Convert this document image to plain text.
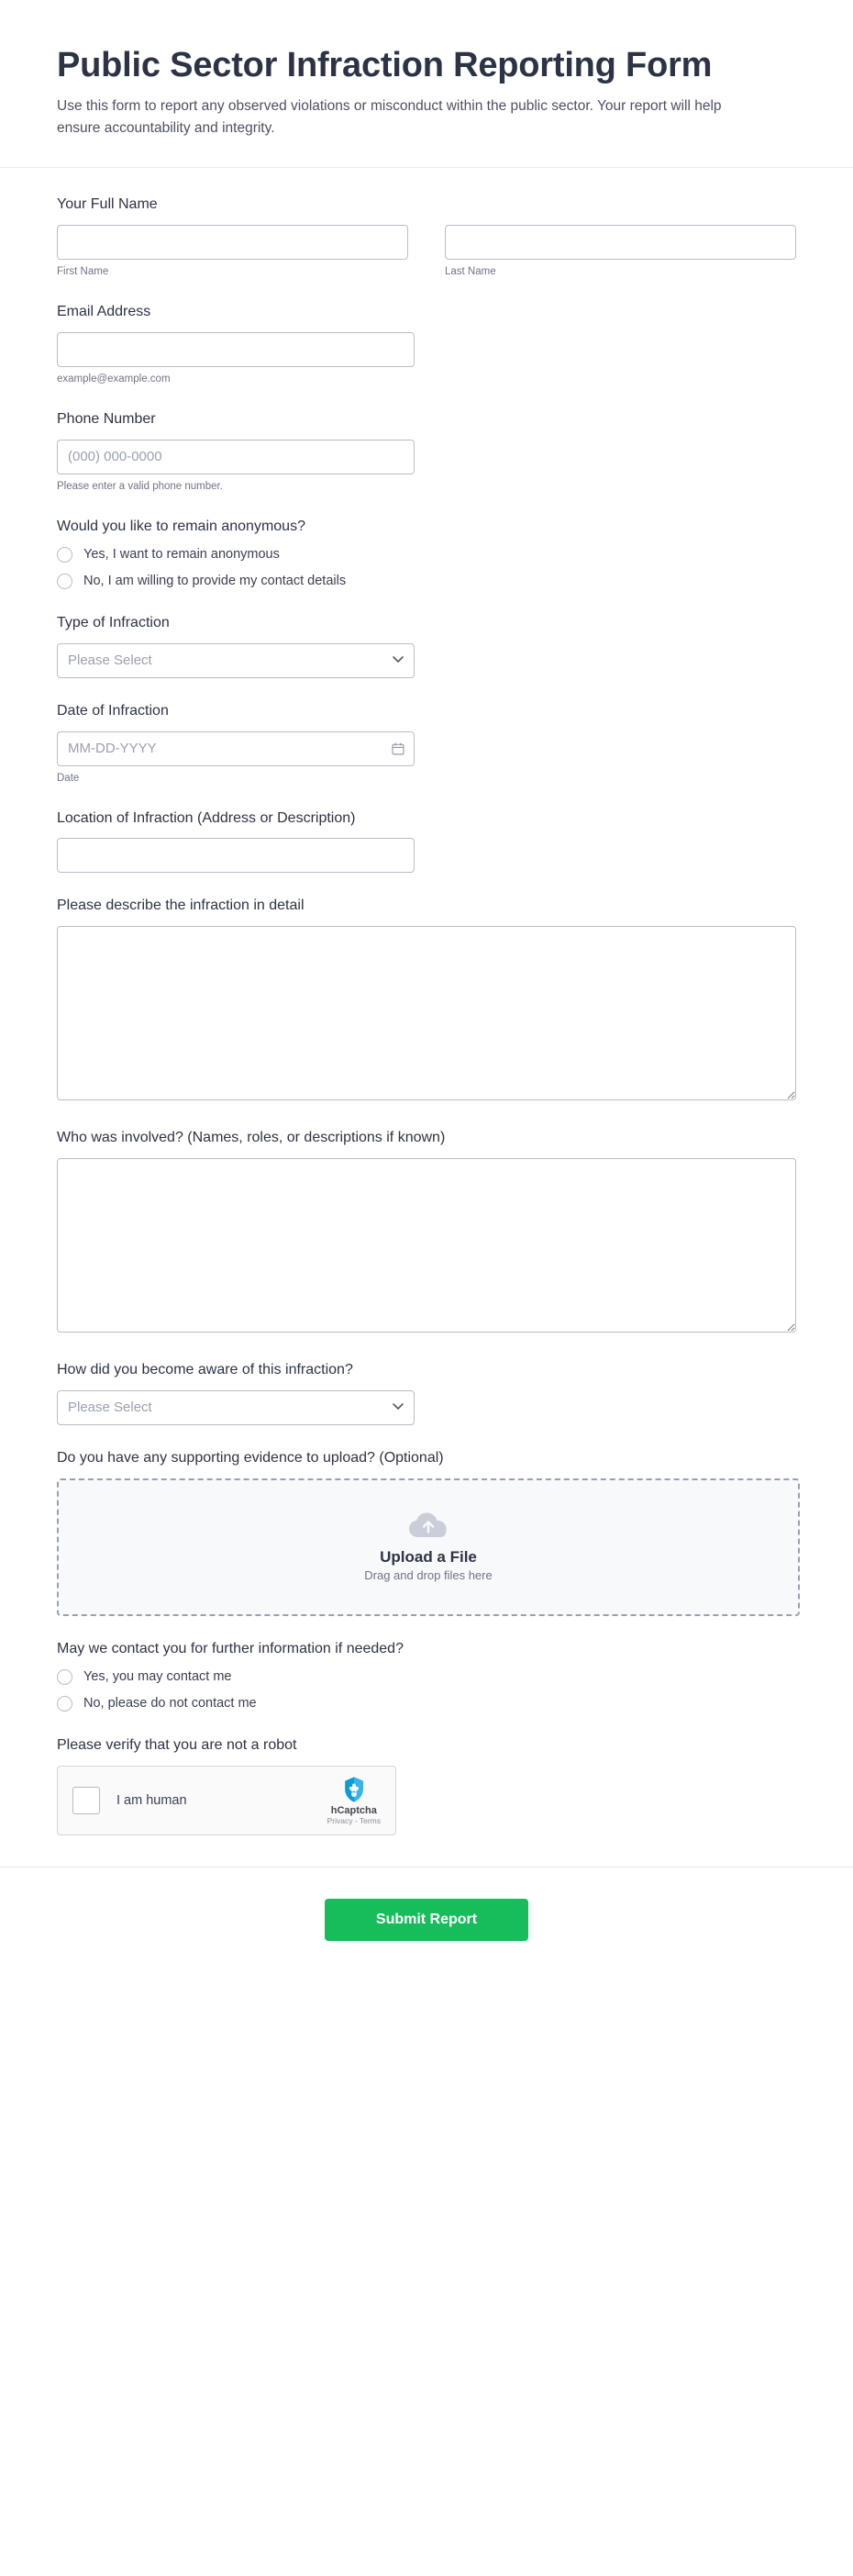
Public Sector Infraction Reporting Form

Use this form to report any observed violations or misconduct within the public sector. Your report will help ensure accountability and integrity.

Your Full Name
First Name	Last Name
Email Address
example@example.com
Phone Number
(000) 000-0000
Please enter a valid phone number.
Would you like to remain anonymous?
Yes, I want to remain anonymous
No, I am willing to provide my contact details
Type of Infraction
Please Select
Date of Infraction
MM-DD-YYYY
Date
Location of Infraction (Address or Description)
Please describe the infraction in detail
Who was involved? (Names, roles, or descriptions if known)
How did you become aware of this infraction?
Please Select
Do you have any supporting evidence to upload? (Optional)
Upload a File
Drag and drop files here
May we contact you for further information if needed?
Yes, you may contact me
No, please do not contact me
Please verify that you are not a robot
I am human
hCaptcha
Privacy - Terms
Submit Report
